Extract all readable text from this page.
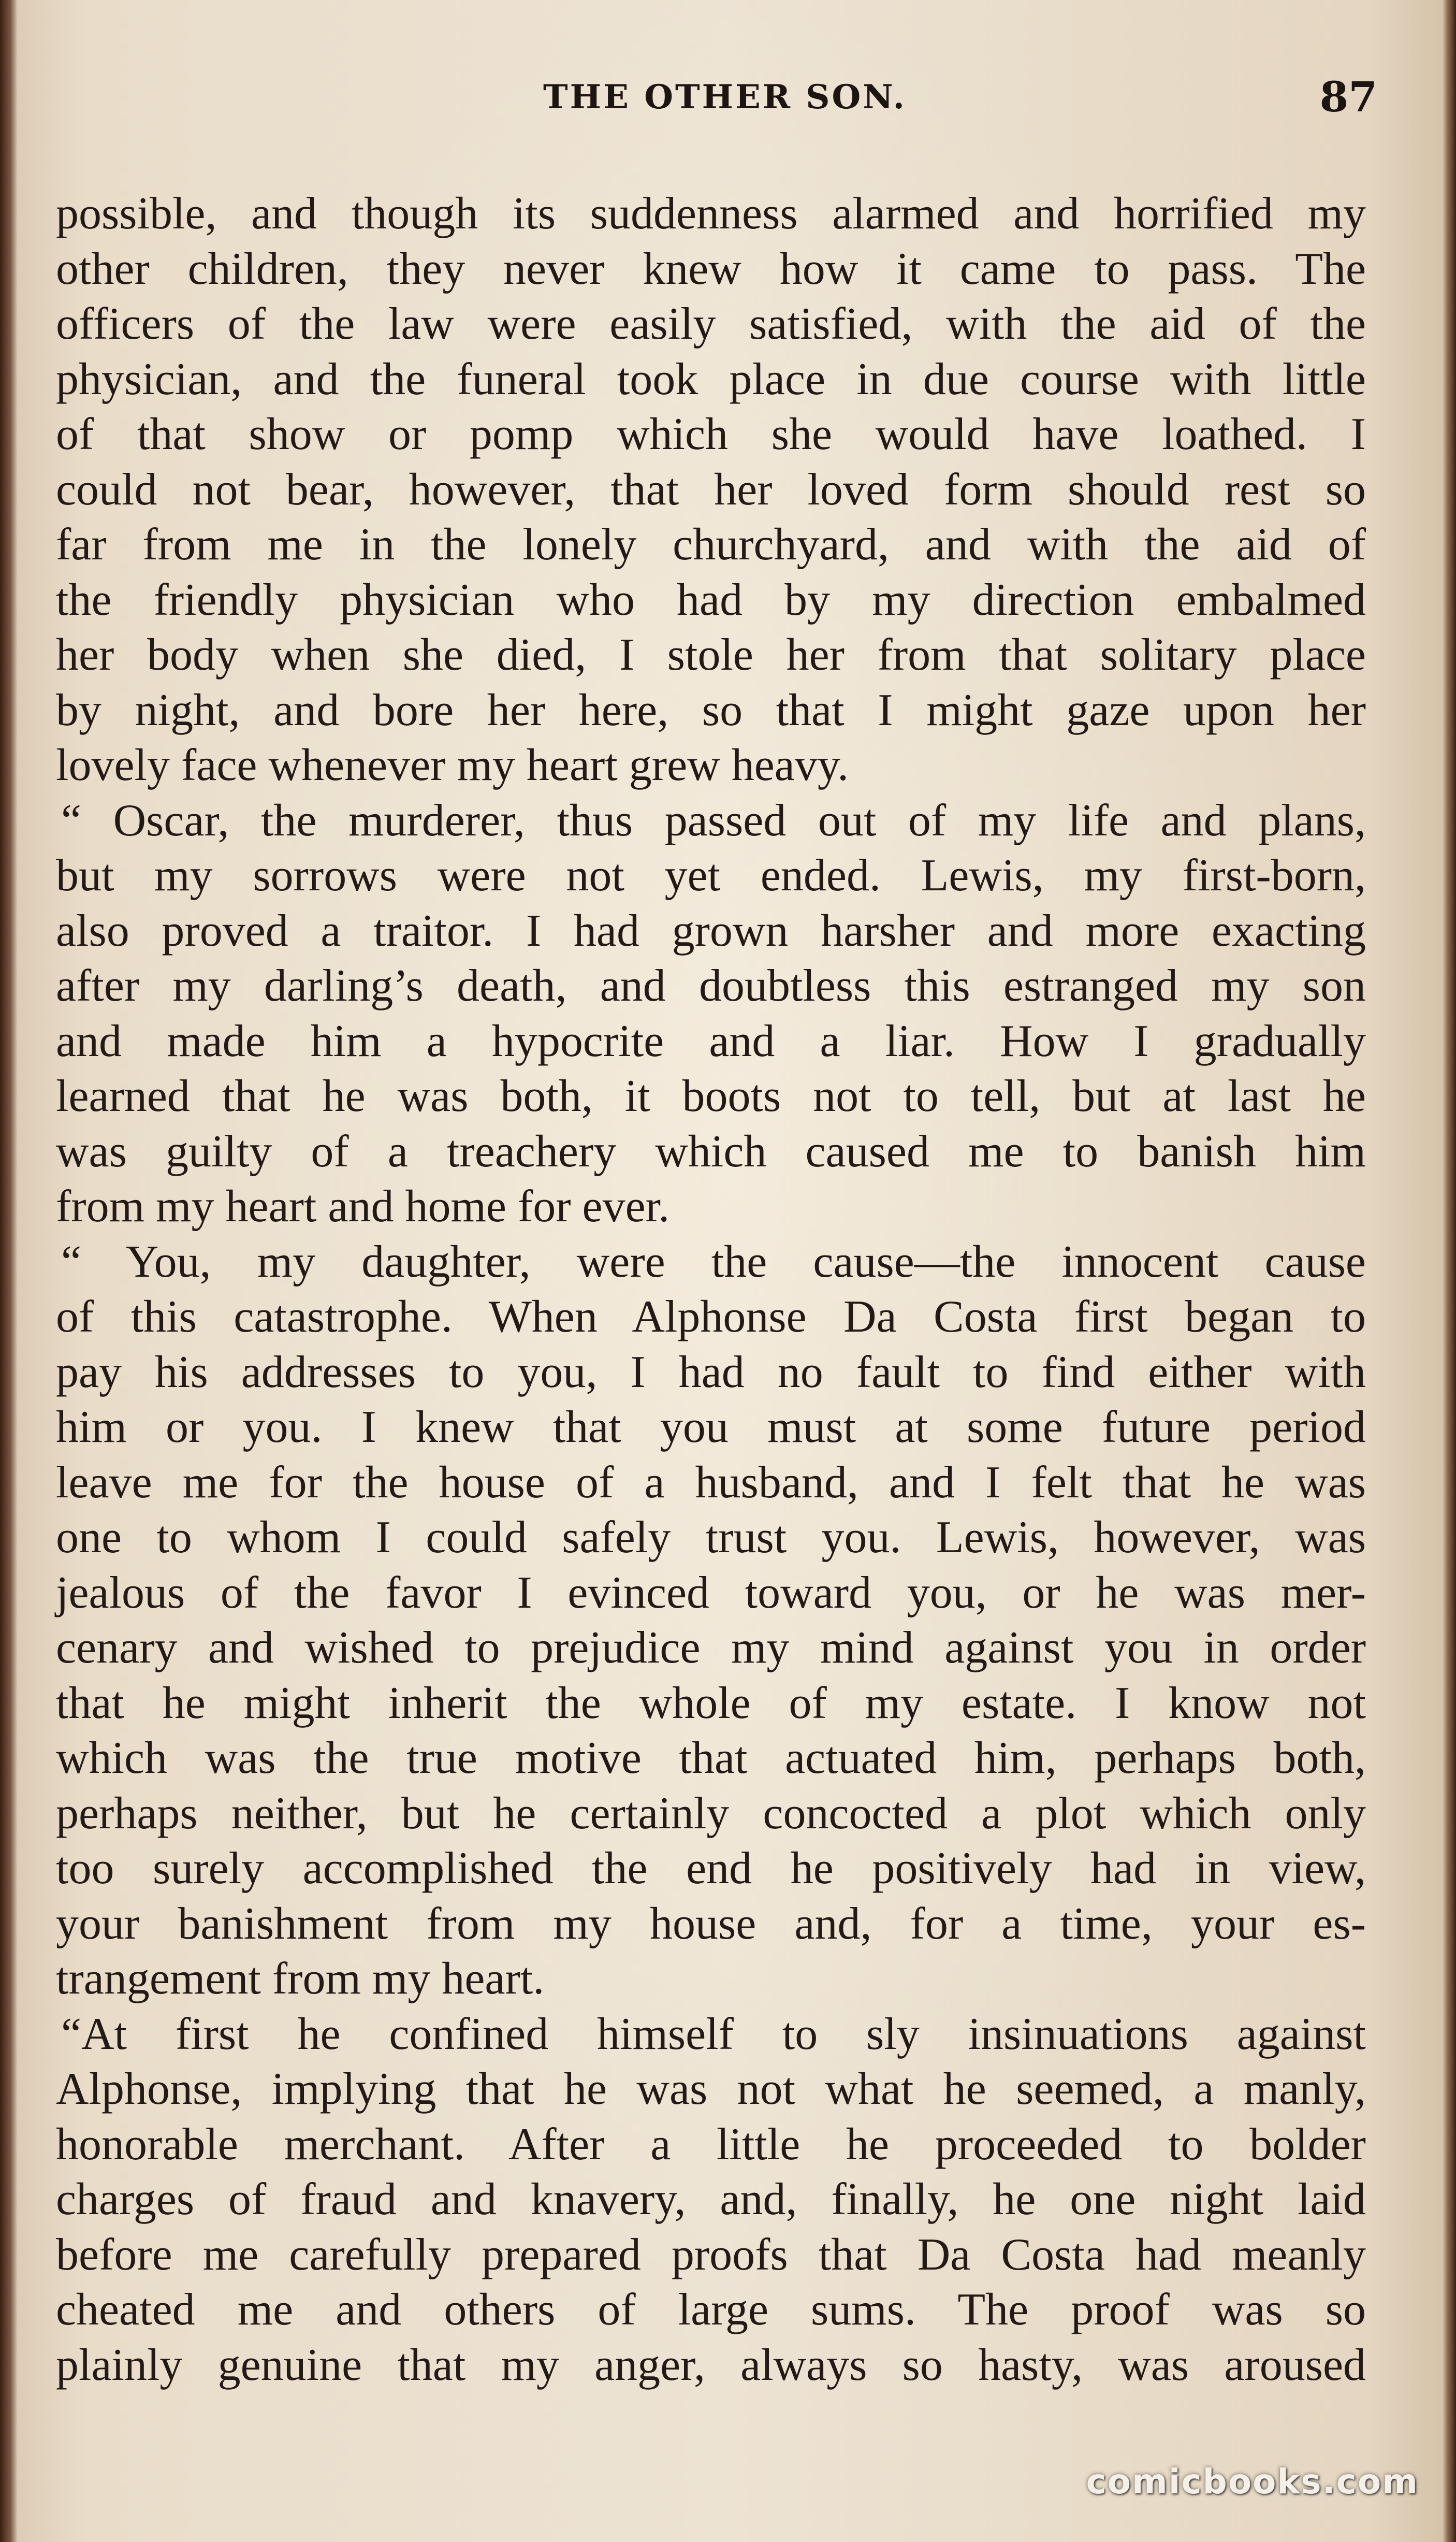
THE OTHER SON.	87
possible, and though its suddenness alarmed and horrified my
other children, they never knew how it came to pass. The
officers of the law were easily satisfied, with the aid of the
physician, and the funeral took place in due course with little
of that show or pomp which she would have loathed. I
could not bear, however, that her loved form should rest so
far from me in the lonely churchyard, and with the aid of
the friendly physician who had by my direction embalmed
her body when she died, I stole her from that solitary place
by night, and bore her here, so that I might gaze upon her
lovely face whenever my heart grew heavy.
“ Oscar, the murderer, thus passed out of my life and plans,
but my sorrows were not yet ended. Lewis, my first-born,
also proved a traitor. I had grown harsher and more exacting
after my darling’s death, and doubtless this estranged my son
and made him a hypocrite and a liar. How I gradually
learned that he was both, it boots not to tell, but at last he
was guilty of a treachery which caused me to banish him
from my heart and home for ever.
“ You, my daughter, were the cause—the innocent cause
of this catastrophe. When Alphonse Da Costa first began to
pay his addresses to you, I had no fault to find either with
him or you. I knew that you must at some future period
leave me for the house of a husband, and I felt that he was
one to whom I could safely trust you. Lewis, however, was
jealous of the favor I evinced toward you, or he was mer-
cenary and wished to prejudice my mind against you in order
that he might inherit the whole of my estate. I know not
which was the true motive that actuated him, perhaps both,
perhaps neither, but he certainly concocted a plot which only
too surely accomplished the end he positively had in view,
your banishment from my house and, for a time, your es-
trangement from my heart.
“At first he confined himself to sly insinuations against
Alphonse, implying that he was not what he seemed, a manly,
honorable merchant. After a little he proceeded to bolder
charges of fraud and knavery, and, finally, he one night laid
before me carefully prepared proofs that Da Costa had meanly
cheated me and others of large sums. The proof was so
plainly genuine that my anger, always so hasty, was aroused
comicbooks.com
